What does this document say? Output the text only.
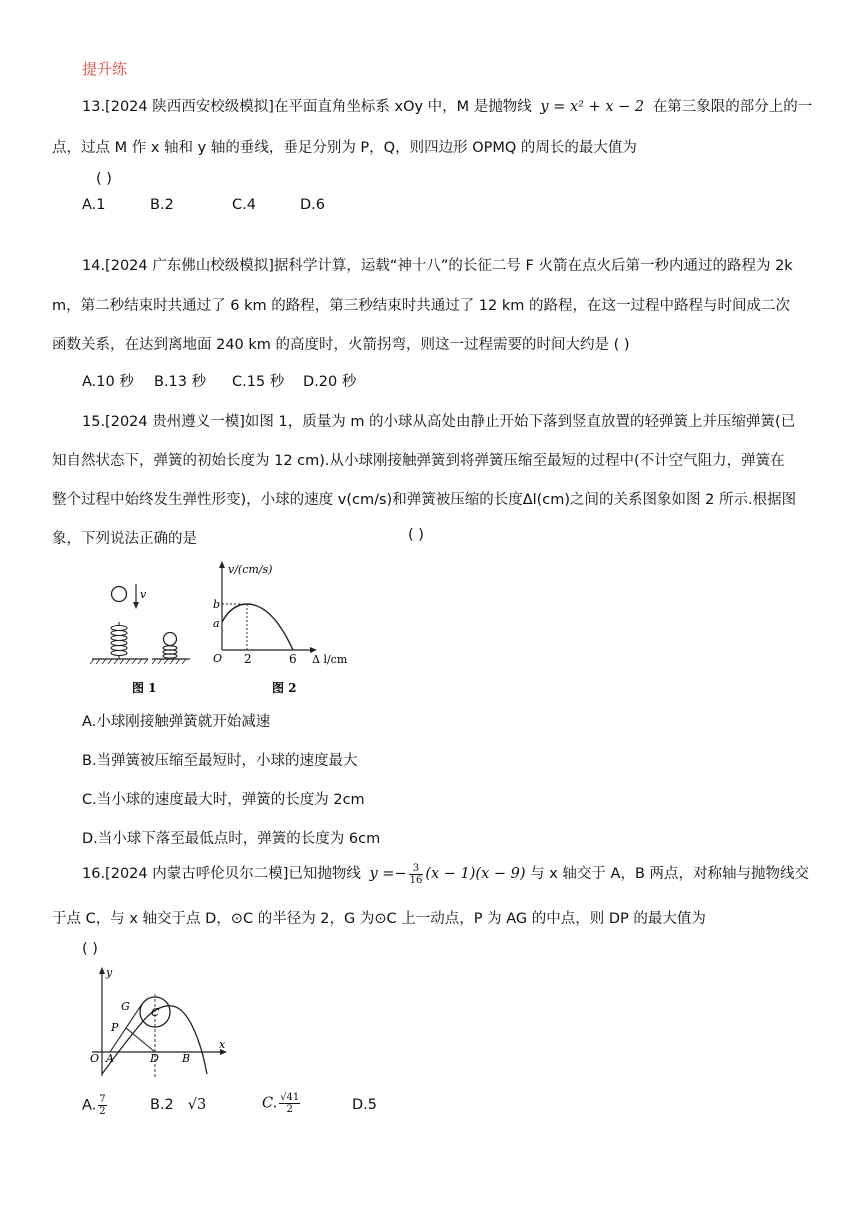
提升练
13.[2024 陕西西安校级模拟]在平面直角坐标系 xOy 中，M 是抛物线 y = x² + x − 2 在第三象限的部分上的一
点，过点 M 作 x 轴和 y 轴的垂线，垂足分别为 P，Q，则四边形 OPMQ 的周长的最大值为
( )
A.1	B.2	C.4	D.6
14.[2024 广东佛山校级模拟]据科学计算，运载“神十八”的长征二号 F 火箭在点火后第一秒内通过的路程为 2k
m，第二秒结束时共通过了 6 km 的路程，第三秒结束时共通过了 12 km 的路程，在这一过程中路程与时间成二次
函数关系，在达到离地面 240 km 的高度时，火箭拐弯，则这一过程需要的时间大约是 ( )
A.10 秒 B.13 秒 C.15 秒 D.20 秒
15.[2024 贵州遵义一模]如图 1，质量为 m 的小球从高处由静止开始下落到竖直放置的轻弹簧上并压缩弹簧(已
知自然状态下，弹簧的初始长度为 12 cm).从小球刚接触弹簧到将弹簧压缩至最短的过程中(不计空气阻力，弹簧在
整个过程中始终发生弹性形变)，小球的速度 v(cm/s)和弹簧被压缩的长度Δl(cm)之间的关系图象如图 2 所示.根据图
象，下列说法正确的是	( )
v
图 1
v/(cm/s)
b
a
O 2	6 Δ l/cm
图 2
A.小球刚接触弹簧就开始减速
B.当弹簧被压缩至最短时，小球的速度最大
C.当小球的速度最大时，弹簧的长度为 2cm
D.当小球下落至最低点时，弹簧的长度为 6cm
16.[2024 内蒙古呼伦贝尔二模]已知抛物线 $y =- \frac{3}{16} (x - 1)(x - 9)$ 与 x 轴交于 A，B 两点，对称轴与抛物线交
于点 C，与 x 轴交于点 D，⊙C 的半径为 2，G 为⊙C 上一动点，P 为 AG 的中点，则 DP 的最大值为
( )
y
x
O A	D B
C
G
P
A. $\frac{7}{2}$	B.2 √3	C. $\frac{√41}{2}$	D.5
